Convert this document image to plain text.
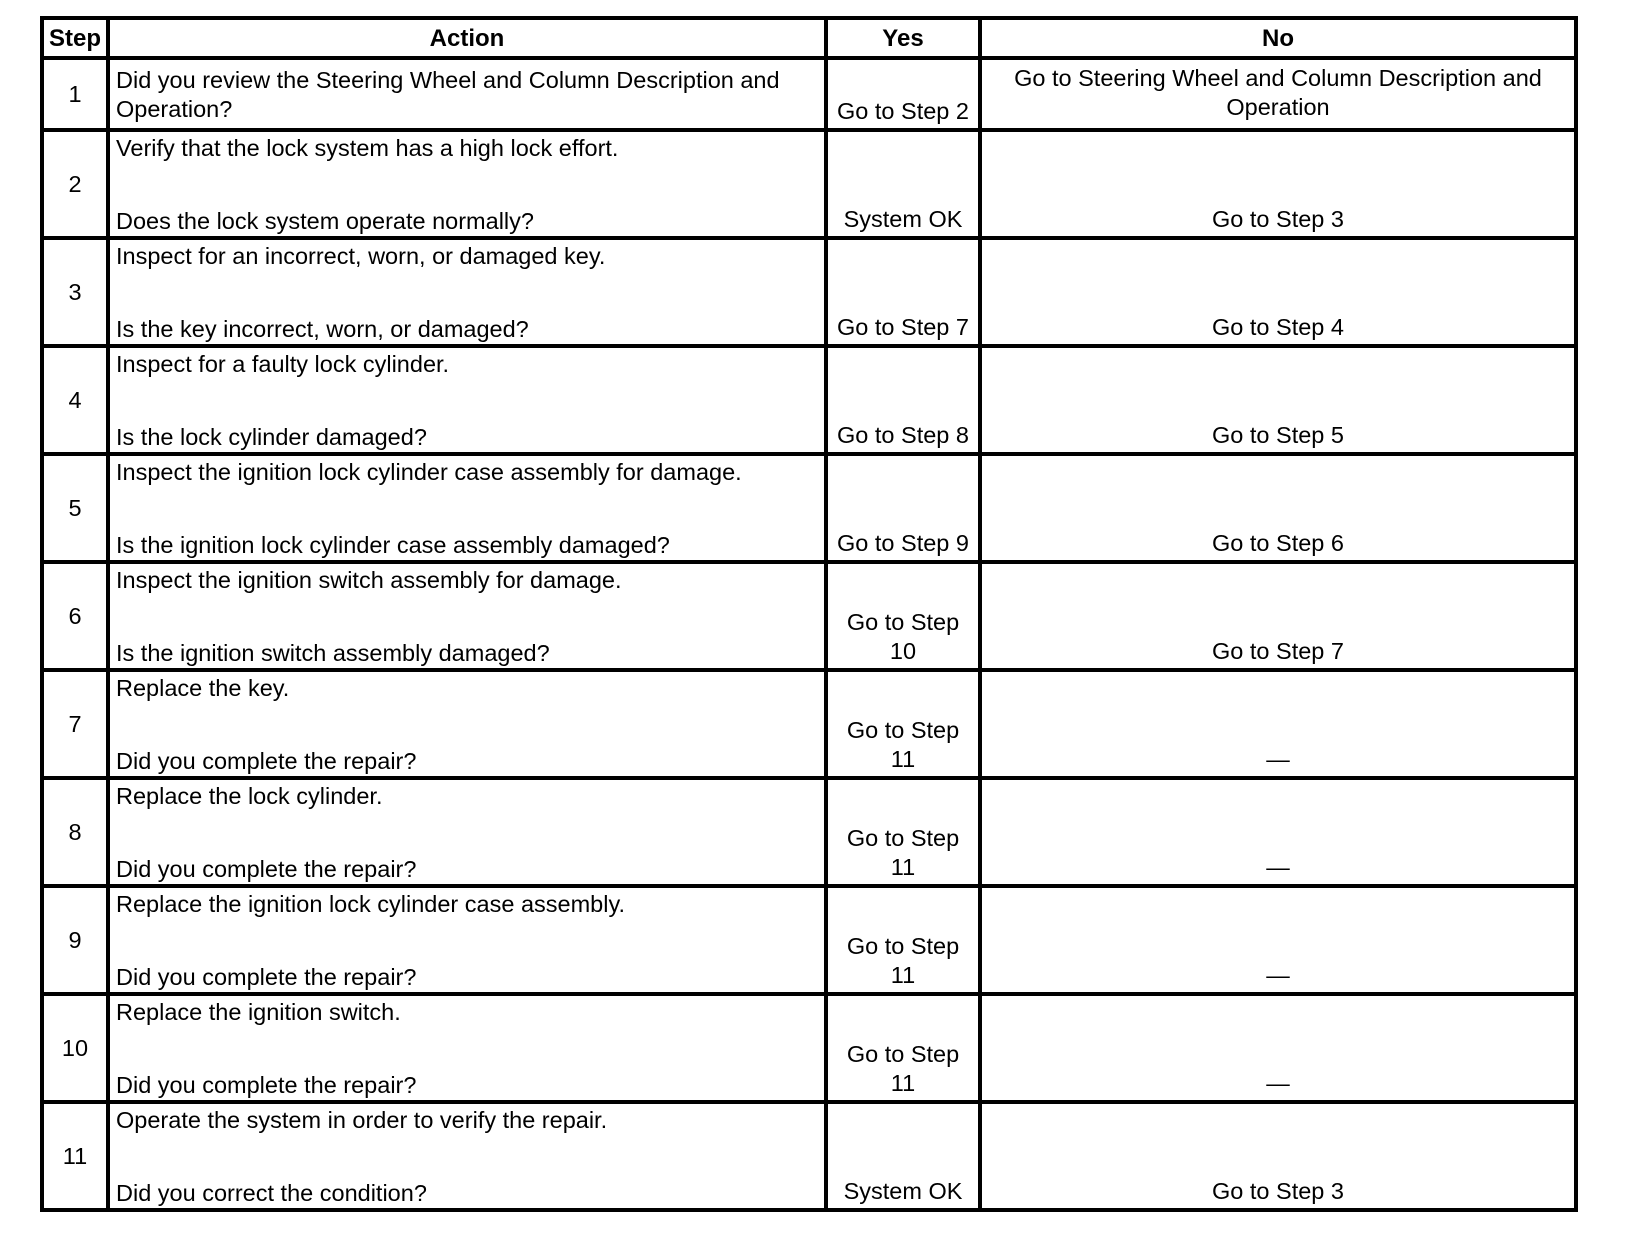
Step	Action	Yes	No
1	Did you review the Steering Wheel and Column Description and Operation?	Go to Step 2	Go to Steering Wheel and Column Description and Operation
2	Verify that the lock system has a high lock effort.
Does the lock system operate normally?	System OK	Go to Step 3
3	Inspect for an incorrect, worn, or damaged key.
Is the key incorrect, worn, or damaged?	Go to Step 7	Go to Step 4
4	Inspect for a faulty lock cylinder.
Is the lock cylinder damaged?	Go to Step 8	Go to Step 5
5	Inspect the ignition lock cylinder case assembly for damage.
Is the ignition lock cylinder case assembly damaged?	Go to Step 9	Go to Step 6
6	Inspect the ignition switch assembly for damage.
Is the ignition switch assembly damaged?	Go to Step 10	Go to Step 7
7	Replace the key.
Did you complete the repair?	Go to Step 11	—
8	Replace the lock cylinder.
Did you complete the repair?	Go to Step 11	—
9	Replace the ignition lock cylinder case assembly.
Did you complete the repair?	Go to Step 11	—
10	Replace the ignition switch.
Did you complete the repair?	Go to Step 11	—
11	Operate the system in order to verify the repair.
Did you correct the condition?	System OK	Go to Step 3
